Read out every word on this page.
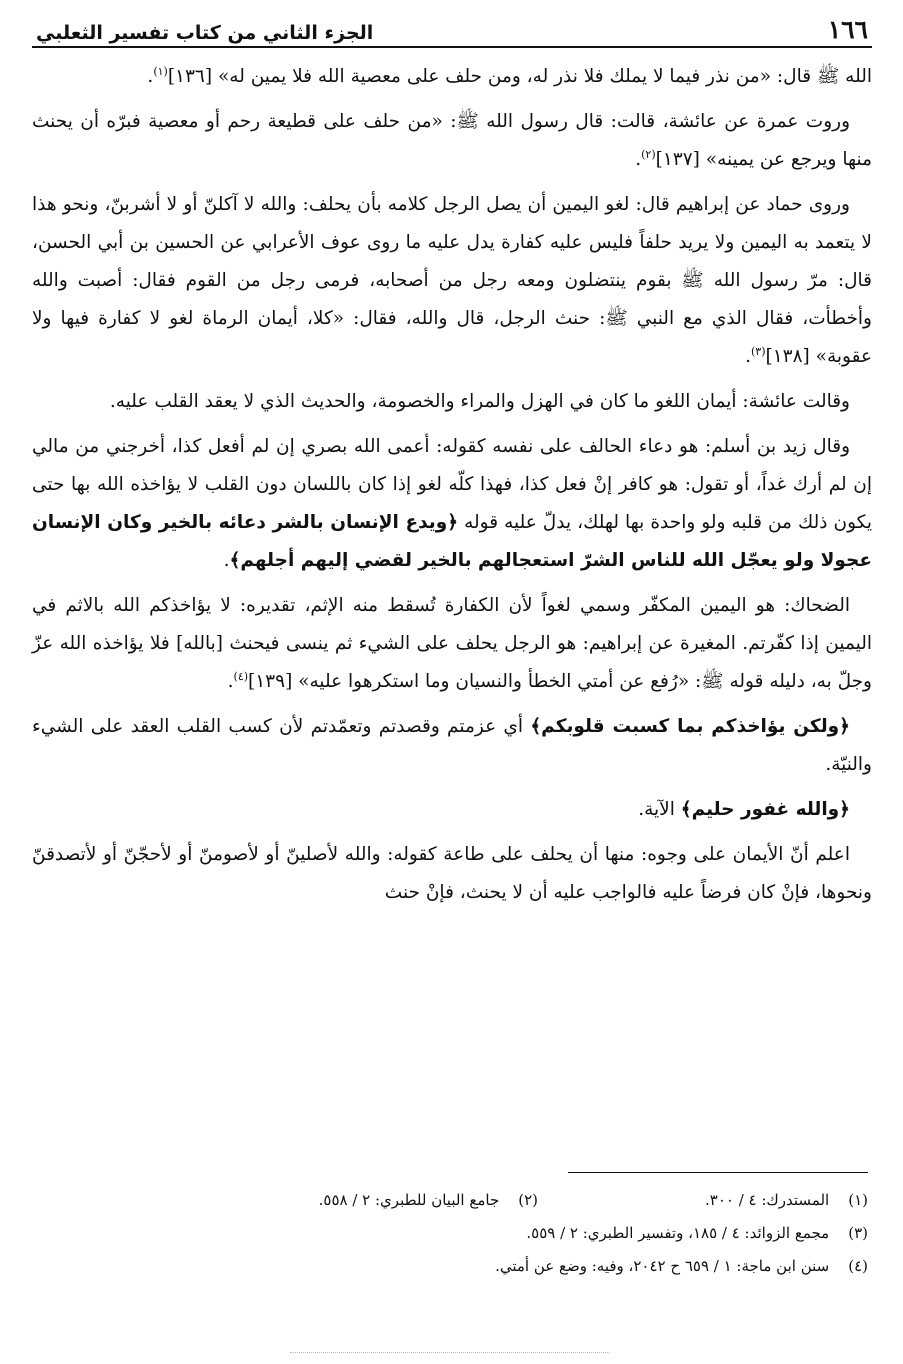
١٦٦
الجزء الثاني من كتاب تفسير الثعلبي

الله ﷺ قال: «من نذر فيما لا يملك فلا نذر له، ومن حلف على معصية الله فلا يمين له» [١٣٦]$^{(١)}$.

وروت عمرة عن عائشة، قالت: قال رسول الله ﷺ: «من حلف على قطيعة رحم أو معصية فبرّه أن يحنث منها ويرجع عن يمينه» [١٣٧]$^{(٢)}$.

وروى حماد عن إبراهيم قال: لغو اليمين أن يصل الرجل كلامه بأن يحلف: والله لا آكلنّ أو لا أشربنّ، ونحو هذا لا يتعمد به اليمين ولا يريد حلفاً فليس عليه كفارة يدل عليه ما روى عوف الأعرابي عن الحسين بن أبي الحسن، قال: مرّ رسول الله ﷺ بقوم ينتضلون ومعه رجل من أصحابه، فرمى رجل من القوم فقال: أصبت والله وأخطأت، فقال الذي مع النبي ﷺ: حنث الرجل، قال والله، فقال: «كلا، أيمان الرماة لغو لا كفارة فيها ولا عقوبة» [١٣٨]$^{(٣)}$.

وقالت عائشة: أيمان اللغو ما كان في الهزل والمراء والخصومة، والحديث الذي لا يعقد القلب عليه.

وقال زيد بن أسلم: هو دعاء الحالف على نفسه كقوله: أعمى الله بصري إن لم أفعل كذا، أخرجني من مالي إن لم أرك غداً، أو تقول: هو كافر إنْ فعل كذا، فهذا كلّه لغو إذا كان باللسان دون القلب لا يؤاخذه الله بها حتى يكون ذلك من قلبه ولو واحدة بها لهلك، يدلّ عليه قوله ﴿ويدع الإنسان بالشر دعائه بالخير وكان الإنسان عجولا ولو يعجّل الله للناس الشرّ استعجالهم بالخير لقضي إليهم أجلهم﴾.

الضحاك: هو اليمين المكفّر وسمي لغواً لأن الكفارة تُسقط منه الإثم، تقديره: لا يؤاخذكم الله بالاثم في اليمين إذا كفّرتم. المغيرة عن إبراهيم: هو الرجل يحلف على الشيء ثم ينسى فيحنث [بالله] فلا يؤاخذه الله عزّ وجلّ به، دليله قوله ﷺ: «رُفع عن أمتي الخطأ والنسيان وما استكرهوا عليه» [١٣٩]$^{(٤)}$.

﴿ولكن يؤاخذكم بما كسبت قلوبكم﴾ أي عزمتم وقصدتم وتعمّدتم لأن كسب القلب العقد على الشيء والنيّة.

﴿والله غفور حليم﴾ الآية.

اعلم أنّ الأيمان على وجوه: منها أن يحلف على طاعة كقوله: والله لأصلينّ أو لأصومنّ أو لأحجّنّ أو لأتصدقنّ ونحوها، فإنْ كان فرضاً عليه فالواجب عليه أن لا يحنث، فإنْ حنث

(١) المستدرك: ٤ / ٣٠٠.
(٢) جامع البيان للطبري: ٢ / ٥٥٨.
(٣) مجمع الزوائد: ٤ / ١٨٥، وتفسير الطبري: ٢ / ٥٥٩.
(٤) سنن ابن ماجة: ١ / ٦٥٩ ح ٢٠٤٢، وفيه: وضع عن أمتي.
